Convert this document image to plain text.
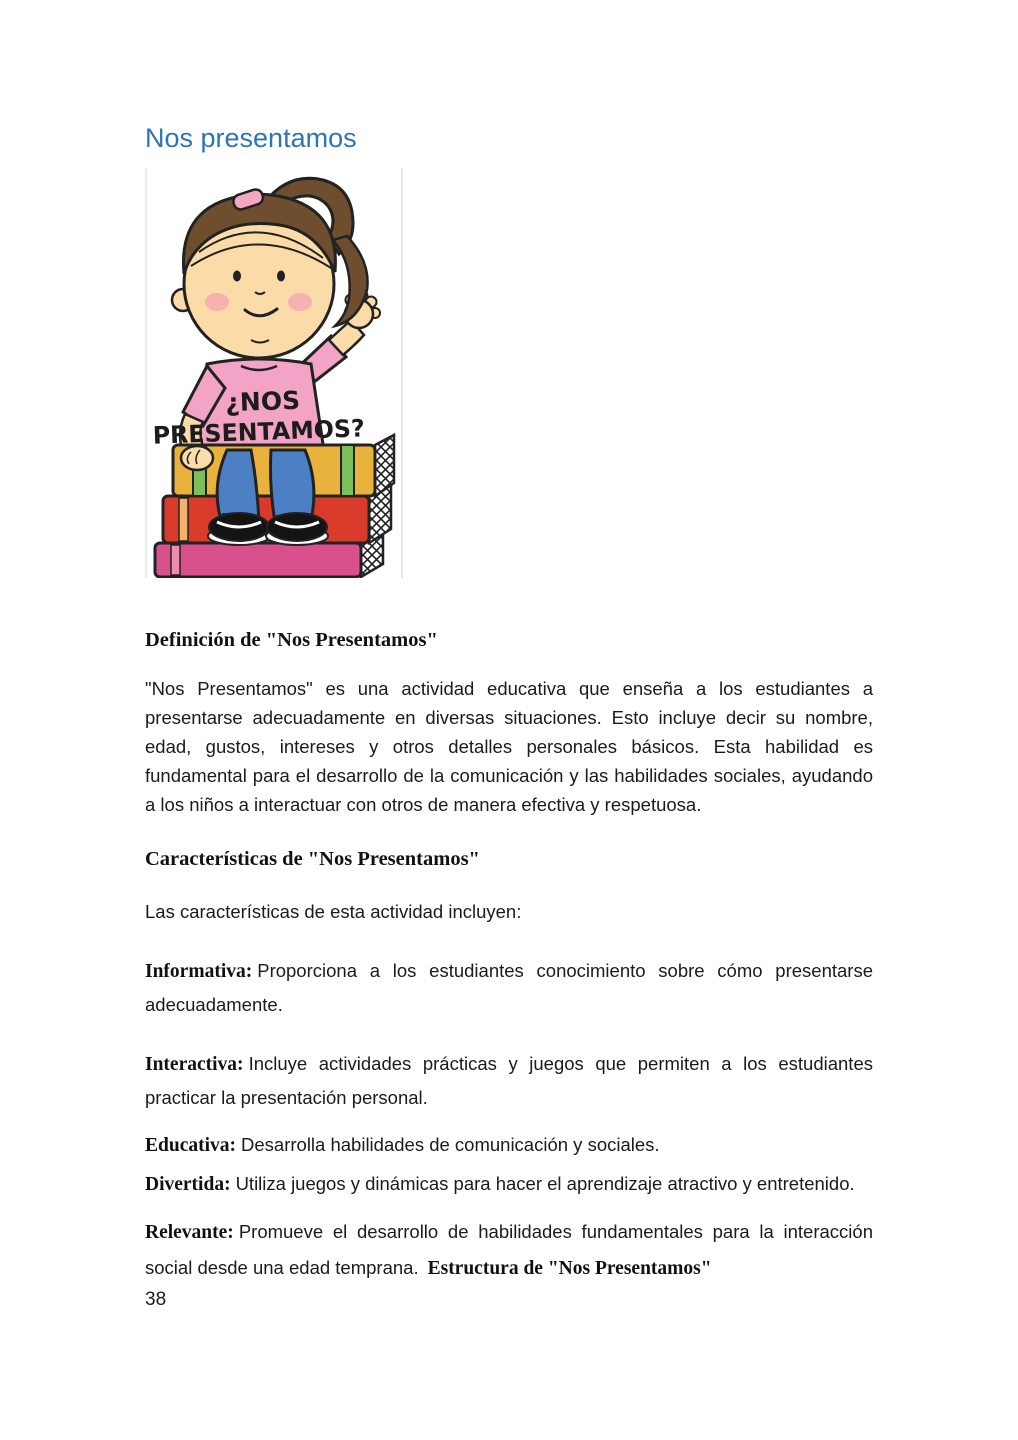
Nos presentamos
¿NOS
PRESENTAMOS?
Definición de "Nos Presentamos"

"Nos Presentamos" es una actividad educativa que enseña a los estudiantes a presentarse adecuadamente en diversas situaciones. Esto incluye decir su nombre, edad, gustos, intereses y otros detalles personales básicos. Esta habilidad es fundamental para el desarrollo de la comunicación y las habilidades sociales, ayudando a los niños a interactuar con otros de manera efectiva y respetuosa.

Características de "Nos Presentamos"

Las características de esta actividad incluyen:

Informativa: Proporciona a los estudiantes conocimiento sobre cómo presentarse adecuadamente.

Interactiva: Incluye actividades prácticas y juegos que permiten a los estudiantes practicar la presentación personal.

Educativa: Desarrolla habilidades de comunicación y sociales.

Divertida: Utiliza juegos y dinámicas para hacer el aprendizaje atractivo y entretenido.

Relevante: Promueve el desarrollo de habilidades fundamentales para la interacción social desde una edad temprana. Estructura de "Nos Presentamos"

38
